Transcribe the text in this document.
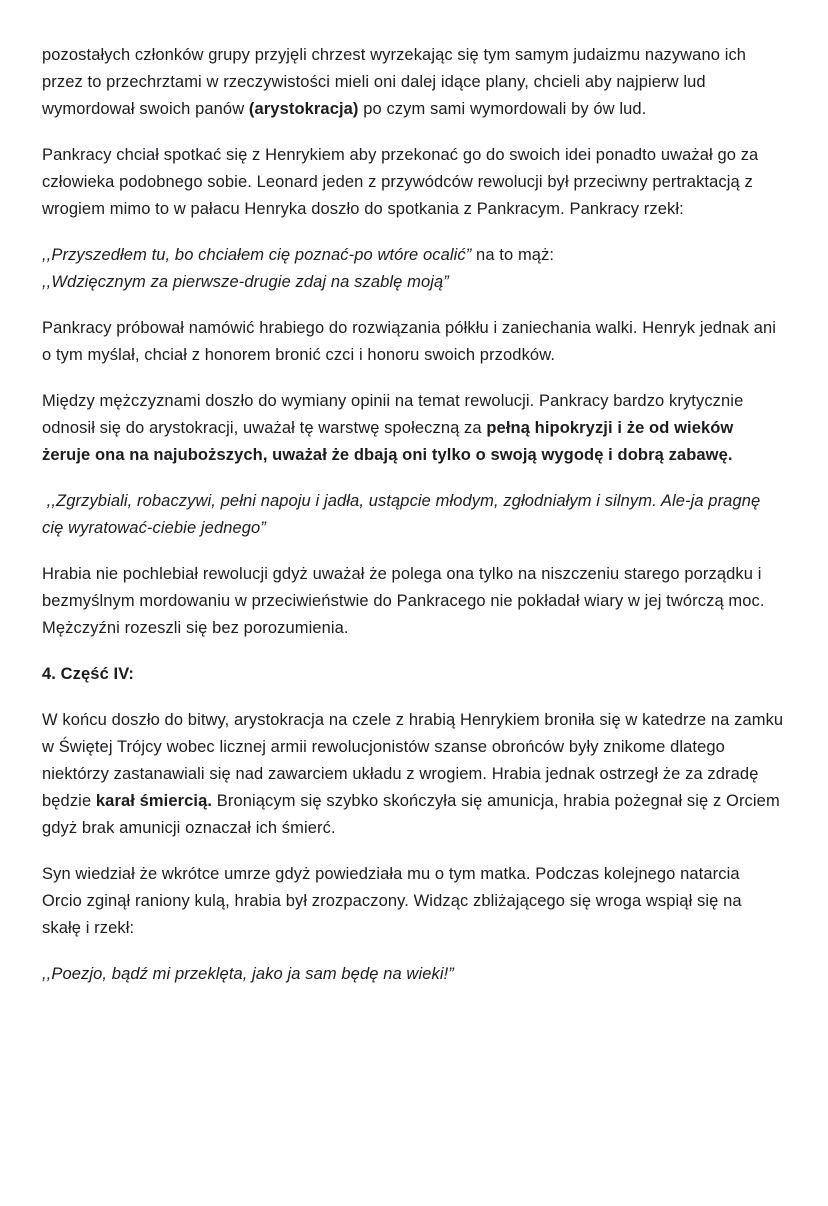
pozostałych członków grupy przyjęli chrzest wyrzekając się tym samym judaizmu nazywano ich przez to przechrztami w rzeczywistości mieli oni dalej idące plany, chcieli aby najpierw lud wymordował swoich panów (arystokracja) po czym sami wymordowali by ów lud.

Pankracy chciał spotkać się z Henrykiem aby przekonać go do swoich idei ponadto uważał go za człowieka podobnego sobie. Leonard jeden z przywódców rewolucji był przeciwny pertraktacją z wrogiem mimo to w pałacu Henryka doszło do spotkania z Pankracym. Pankracy rzekł:

,,Przyszedłem tu, bo chciałem cię poznać-po wtóre ocalić” na to mąż:
,,Wdzięcznym za pierwsze-drugie zdaj na szablę moją”

Pankracy próbował namówić hrabiego do rozwiązania półkłu i zaniechania walki. Henryk jednak ani o tym myślał, chciał z honorem bronić czci i honoru swoich przodków.

Między mężczyznami doszło do wymiany opinii na temat rewolucji. Pankracy bardzo krytycznie odnosił się do arystokracji, uważał tę warstwę społeczną za pełną hipokryzji i że od wieków żeruje ona na najuboższych, uważał że dbają oni tylko o swoją wygodę i dobrą zabawę.

,,Zgrzybiali, robaczywi, pełni napoju i jadła, ustąpcie młodym, zgłodniałym i silnym. Ale-ja pragnę cię wyratować-ciebie jednego”

Hrabia nie pochlebiał rewolucji gdyż uważał że polega ona tylko na niszczeniu starego porządku i bezmyślnym mordowaniu w przeciwieństwie do Pankracego nie pokładał wiary w jej twórczą moc. Mężczyźni rozeszli się bez porozumienia.

4. Część IV:

W końcu doszło do bitwy, arystokracja na czele z hrabią Henrykiem broniła się w katedrze na zamku w Świętej Trójcy wobec licznej armii rewolucjonistów szanse obrońców były znikome dlatego niektórzy zastanawiali się nad zawarciem układu z wrogiem. Hrabia jednak ostrzegł że za zdradę będzie karał śmiercią. Broniącym się szybko skończyła się amunicja, hrabia pożegnał się z Orciem gdyż brak amunicji oznaczał ich śmierć.

Syn wiedział że wkrótce umrze gdyż powiedziała mu o tym matka. Podczas kolejnego natarcia Orcio zginął raniony kulą, hrabia był zrozpaczony. Widząc zbliżającego się wroga wspiął się na skałę i rzekł:

,,Poezjo, bądź mi przeklęta, jako ja sam będę na wieki!”
